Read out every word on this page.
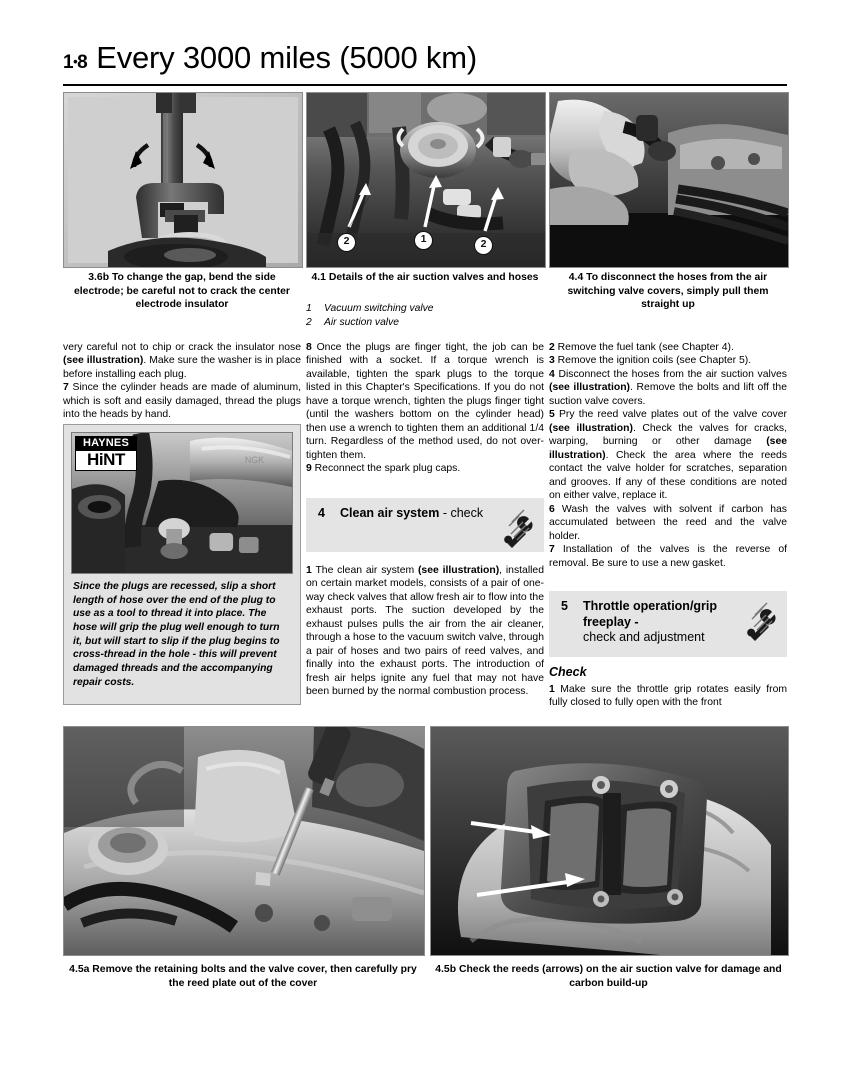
1•8 Every 3000 miles (5000 km)
3.6b To change the gap, bend the side electrode; be careful not to crack the center electrode insulator
2	1	2
4.1 Details of the air suction valves and hoses
1	Vacuum switching valve
2	Air suction valve
4.4 To disconnect the hoses from the air switching valve covers, simply pull them straight up

very careful not to chip or crack the insulator nose (see illustration). Make sure the washer is in place before installing each plug.

7 Since the cylinder heads are made of aluminum, which is soft and easily damaged, thread the plugs into the heads by hand.

NGK
HAYNES
HiNT
Since the plugs are recessed, slip a short length of hose over the end of the plug to use as a tool to thread it into place. The hose will grip the plug well enough to turn it, but will start to slip if the plug begins to cross-thread in the hole - this will prevent damaged threads and the accompanying repair costs.

8 Once the plugs are finger tight, the job can be finished with a socket. If a torque wrench is available, tighten the spark plugs to the torque listed in this Chapter's Specifications. If you do not have a torque wrench, tighten the plugs finger tight (until the washers bottom on the cylinder head) then use a wrench to tighten them an additional 1/4 turn. Regardless of the method used, do not over-tighten them.

9 Reconnect the spark plug caps.

4	Clean air system - check

1 The clean air system (see illustration), installed on certain market models, consists of a pair of one-way check valves that allow fresh air to flow into the exhaust ports. The suction developed by the exhaust pulses pulls the air from the air cleaner, through a hose to the vacuum switch valve, through a pair of hoses and two pairs of reed valves, and finally into the exhaust ports. The introduction of fresh air helps ignite any fuel that may not have been burned by the normal combustion process.

2 Remove the fuel tank (see Chapter 4).

3 Remove the ignition coils (see Chapter 5).

4 Disconnect the hoses from the air suction valves (see illustration). Remove the bolts and lift off the suction valve covers.

5 Pry the reed valve plates out of the valve cover (see illustration). Check the valves for cracks, warping, burning or other damage (see illustration). Check the area where the reeds contact the valve holder for scratches, separation and grooves. If any of these conditions are noted on either valve, replace it.

6 Wash the valves with solvent if carbon has accumulated between the reed and the valve holder.

7 Installation of the valves is the reverse of removal. Be sure to use a new gasket.

5	Throttle operation/grip
freeplay -
check and adjustment
Check

1 Make sure the throttle grip rotates easily from fully closed to fully open with the front

4.5a Remove the retaining bolts and the valve cover, then carefully pry the reed plate out of the cover
4.5b Check the reeds (arrows) on the air suction valve for damage and carbon build-up
